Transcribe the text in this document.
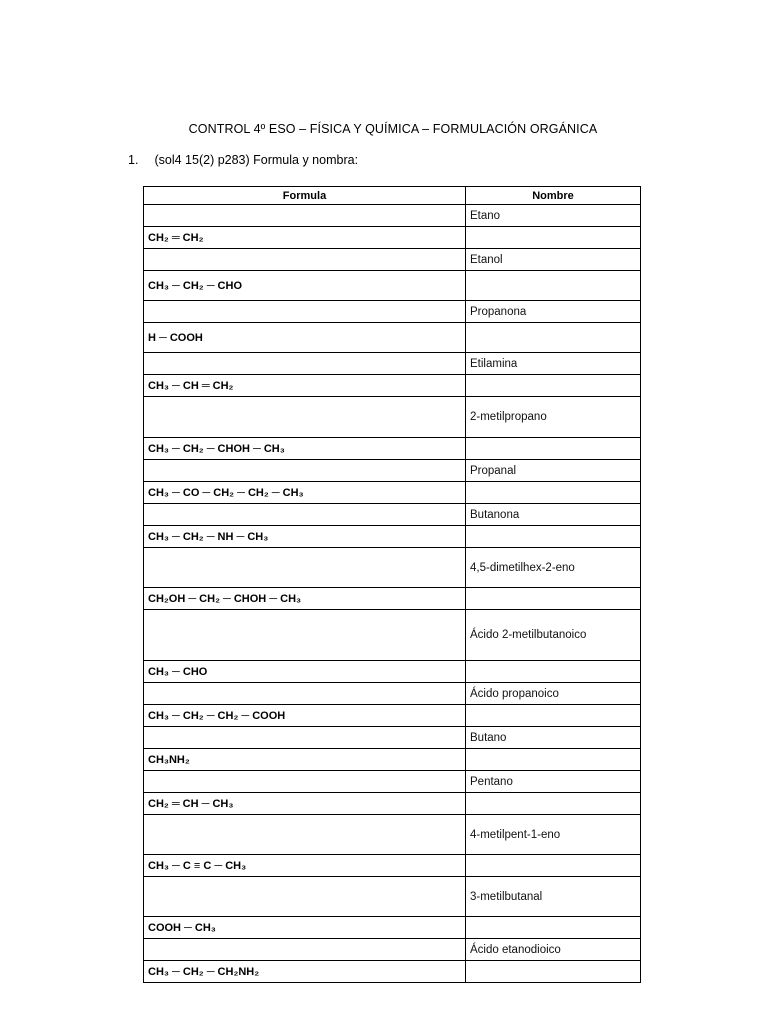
CONTROL 4º ESO – FÍSICA Y QUÍMICA – FORMULACIÓN ORGÁNICA
1. (sol4 15(2) p283) Formula y nombra:
Formula	Nombre
	Etano
CH₂ ═ CH₂	
	Etanol
CH₃ ─ CH₂ ─ CHO	
	Propanona
H ─ COOH	
	Etilamina
CH₃ ─ CH ═ CH₂	
	2-metilpropano
CH₃ ─ CH₂ ─ CHOH ─ CH₃	
	Propanal
CH₃ ─ CO ─ CH₂ ─ CH₂ ─ CH₃	
	Butanona
CH₃ ─ CH₂ ─ NH ─ CH₃	
	4,5-dimetilhex-2-eno
CH₂OH ─ CH₂ ─ CHOH ─ CH₃	
	Ácido 2-metilbutanoico
CH₃ ─ CHO	
	Ácido propanoico
CH₃ ─ CH₂ ─ CH₂ ─ COOH	
	Butano
CH₃NH₂	
	Pentano
CH₂ ═ CH ─ CH₃	
	4-metilpent-1-eno
CH₃ ─ C ≡ C ─ CH₃	
	3-metilbutanal
COOH ─ CH₃	
	Ácido etanodioico
CH₃ ─ CH₂ ─ CH₂NH₂	
